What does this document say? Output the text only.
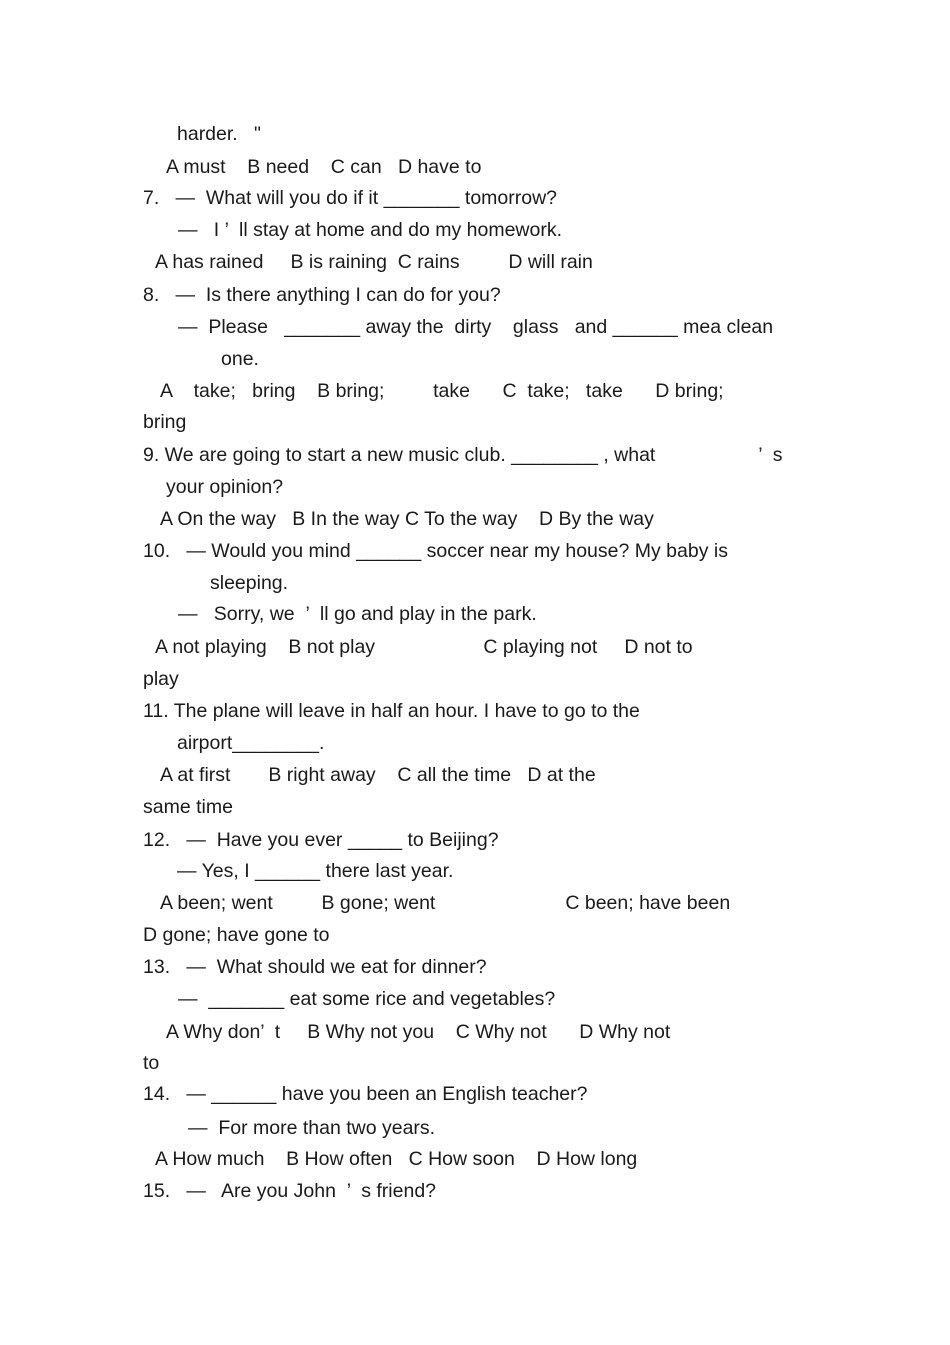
harder.   "
A must    B need    C can   D have to
7.   —  What will you do if it _______ tomorrow?
—   I ’  ll stay at home and do my homework.
A has rained     B is raining  C rains         D will rain
8.   —  Is there anything I can do for you?
—  Please   _______ away the  dirty    glass   and ______ mea clean
one.
A    take;   bring    B bring;         take      C  take;   take      D bring;
bring
9. We are going to start a new music club. ________ , what                   ’  s
your opinion?
A On the way   B In the way C To the way    D By the way
10.   — Would you mind ______ soccer near my house? My baby is
sleeping.
—   Sorry, we  ’  ll go and play in the park.
A not playing    B not play                    C playing not     D not to
play
11. The plane will leave in half an hour. I have to go to the
airport________.
A at first       B right away    C all the time   D at the
same time
12.   —  Have you ever _____ to Beijing?
— Yes, I ______ there last year.
A been; went         B gone; went                        C been; have been
D gone; have gone to
13.   —  What should we eat for dinner?
—  _______ eat some rice and vegetables?
A Why don’  t     B Why not you    C Why not      D Why not
to
14.   — ______ have you been an English teacher?
—  For more than two years.
A How much    B How often   C How soon    D How long
15.   —   Are you John  ’  s friend?
